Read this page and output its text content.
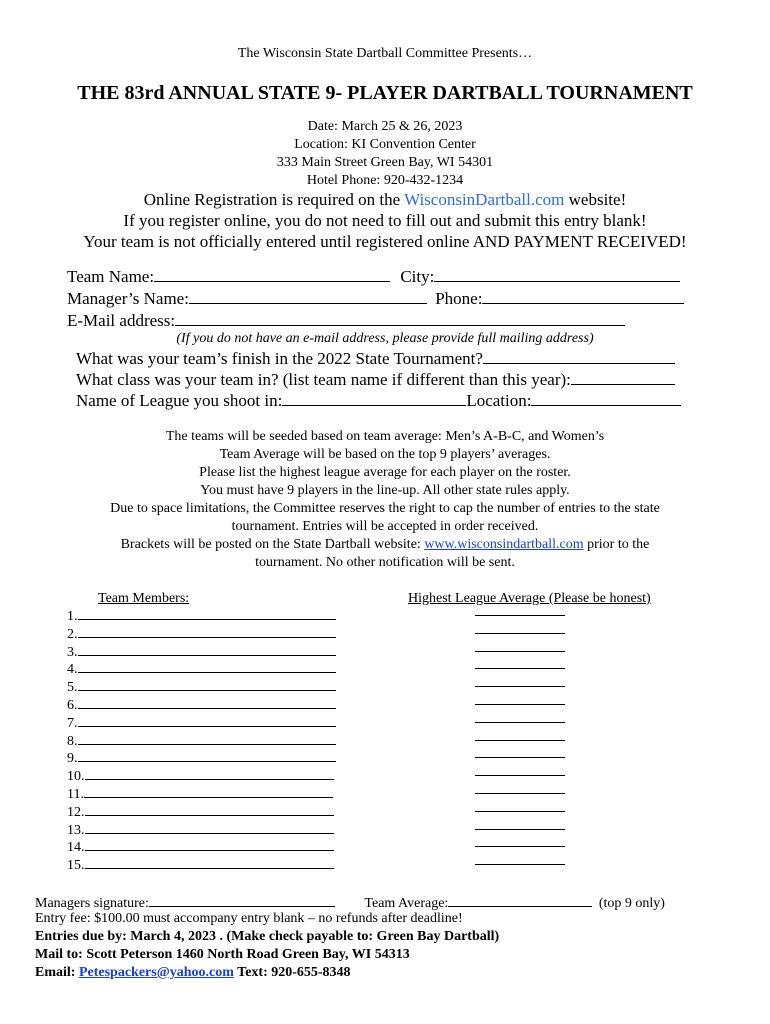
The Wisconsin State Dartball Committee Presents…
THE 83rd ANNUAL STATE 9- PLAYER DARTBALL TOURNAMENT
Date: March 25 & 26, 2023
Location: KI Convention Center
333 Main Street Green Bay, WI 54301
Hotel Phone: 920-432-1234
Online Registration is required on the WisconsinDartball.com website!
If you register online, you do not need to fill out and submit this entry blank!
Your team is not officially entered until registered online AND PAYMENT RECEIVED!
Team Name:	City:
Manager’s Name:	Phone:
E-Mail address:
(If you do not have an e-mail address, please provide full mailing address)
What was your team’s finish in the 2022 State Tournament?
What class was your team in? (list team name if different than this year):
Name of League you shoot in:	Location:
The teams will be seeded based on team average: Men’s A-B-C, and Women’s
Team Average will be based on the top 9 players’ averages.
Please list the highest league average for each player on the roster.
You must have 9 players in the line-up. All other state rules apply.
Due to space limitations, the Committee reserves the right to cap the number of entries to the state
tournament. Entries will be accepted in order received.
Brackets will be posted on the State Dartball website: www.wisconsindartball.com prior to the
tournament. No other notification will be sent.
Team Members:	Highest League Average (Please be honest)
1.
2.
3.
4.
5.
6.
7.
8.
9.
10.
11.
12.
13.
14.
15.
Managers signature:	Team Average:	(top 9 only)
Entry fee: $100.00 must accompany entry blank – no refunds after deadline!
Entries due by: March 4, 2023 . (Make check payable to: Green Bay Dartball)
Mail to: Scott Peterson 1460 North Road Green Bay, WI 54313
Email: Petespackers@yahoo.com Text: 920-655-8348
